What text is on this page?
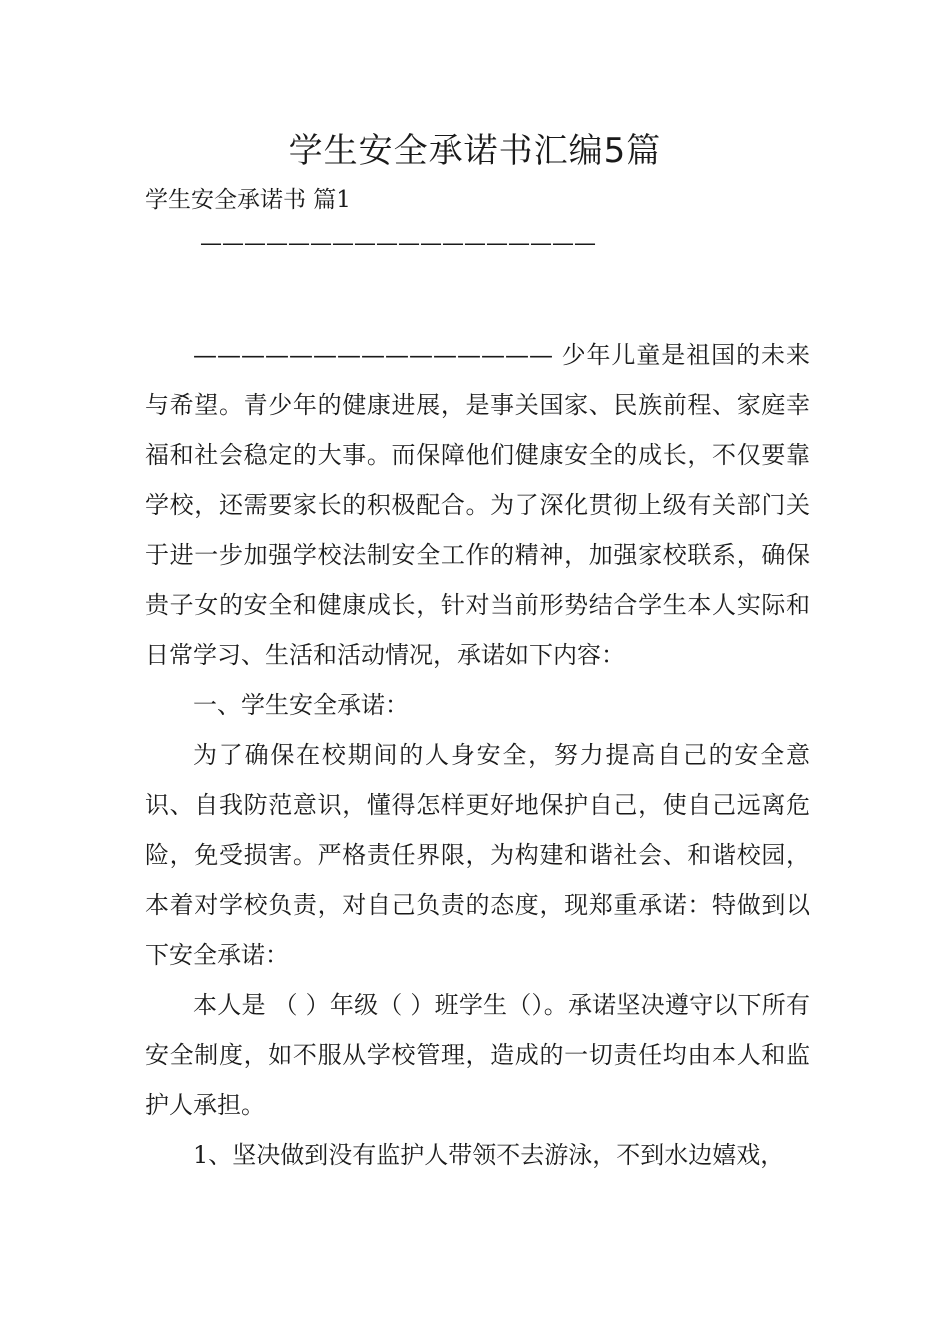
学生安全承诺书汇编5篇

学生安全承诺书 篇1

——————————————————

——————————————— 少年儿童是祖国的未来与希望。青少年的健康进展，是事关国家、民族前程、家庭幸福和社会稳定的大事。而保障他们健康安全的成长，不仅要靠学校，还需要家长的积极配合。为了深化贯彻上级有关部门关于进一步加强学校法制安全工作的精神，加强家校联系，确保贵子女的安全和健康成长，针对当前形势结合学生本人实际和日常学习、生活和活动情况，承诺如下内容：

一、学生安全承诺：

为了确保在校期间的人身安全，努力提高自己的安全意识、自我防范意识，懂得怎样更好地保护自己，使自己远离危险，免受损害。严格责任界限，为构建和谐社会、和谐校园，本着对学校负责，对自己负责的态度，现郑重承诺：特做到以下安全承诺：

本人是 （ ）年级（ ）班学生（）。承诺坚决遵守以下所有安全制度，如不服从学校管理，造成的一切责任均由本人和监护人承担。

1、坚决做到没有监护人带领不去游泳，不到水边嬉戏，
